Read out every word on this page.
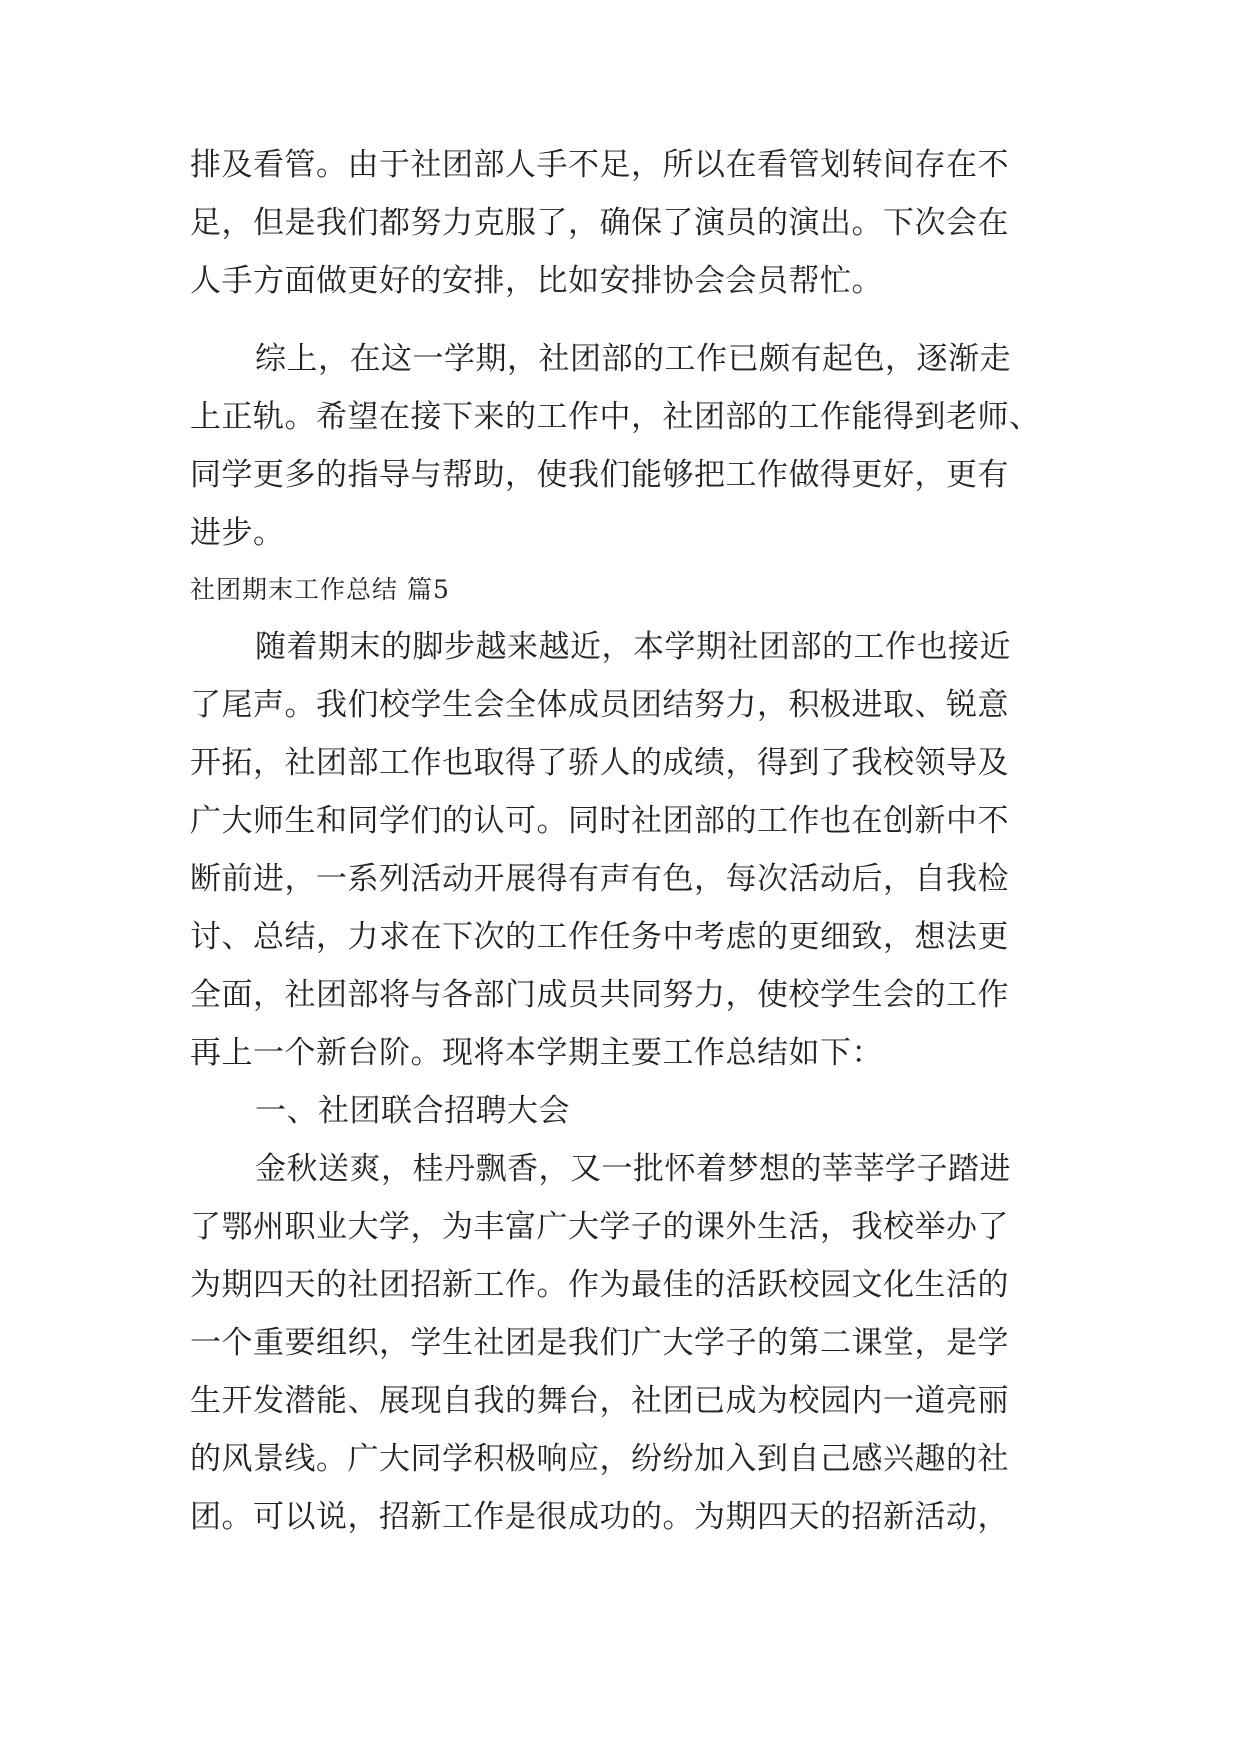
排及看管。由于社团部人手不足，所以在看管划转间存在不
足，但是我们都努力克服了，确保了演员的演出。下次会在
人手方面做更好的安排，比如安排协会会员帮忙。
综上，在这一学期，社团部的工作已颇有起色，逐渐走
上正轨。希望在接下来的工作中，社团部的工作能得到老师、
同学更多的指导与帮助，使我们能够把工作做得更好，更有
进步。
社团期末工作总结 篇5
随着期末的脚步越来越近，本学期社团部的工作也接近
了尾声。我们校学生会全体成员团结努力，积极进取、锐意
开拓，社团部工作也取得了骄人的成绩，得到了我校领导及
广大师生和同学们的认可。同时社团部的工作也在创新中不
断前进，一系列活动开展得有声有色，每次活动后，自我检
讨、总结，力求在下次的工作任务中考虑的更细致，想法更
全面，社团部将与各部门成员共同努力，使校学生会的工作
再上一个新台阶。现将本学期主要工作总结如下：
一、社团联合招聘大会
金秋送爽，桂丹飘香，又一批怀着梦想的莘莘学子踏进
了鄂州职业大学，为丰富广大学子的课外生活，我校举办了
为期四天的社团招新工作。作为最佳的活跃校园文化生活的
一个重要组织，学生社团是我们广大学子的第二课堂，是学
生开发潜能、展现自我的舞台，社团已成为校园内一道亮丽
的风景线。广大同学积极响应，纷纷加入到自己感兴趣的社
团。可以说，招新工作是很成功的。为期四天的招新活动，
